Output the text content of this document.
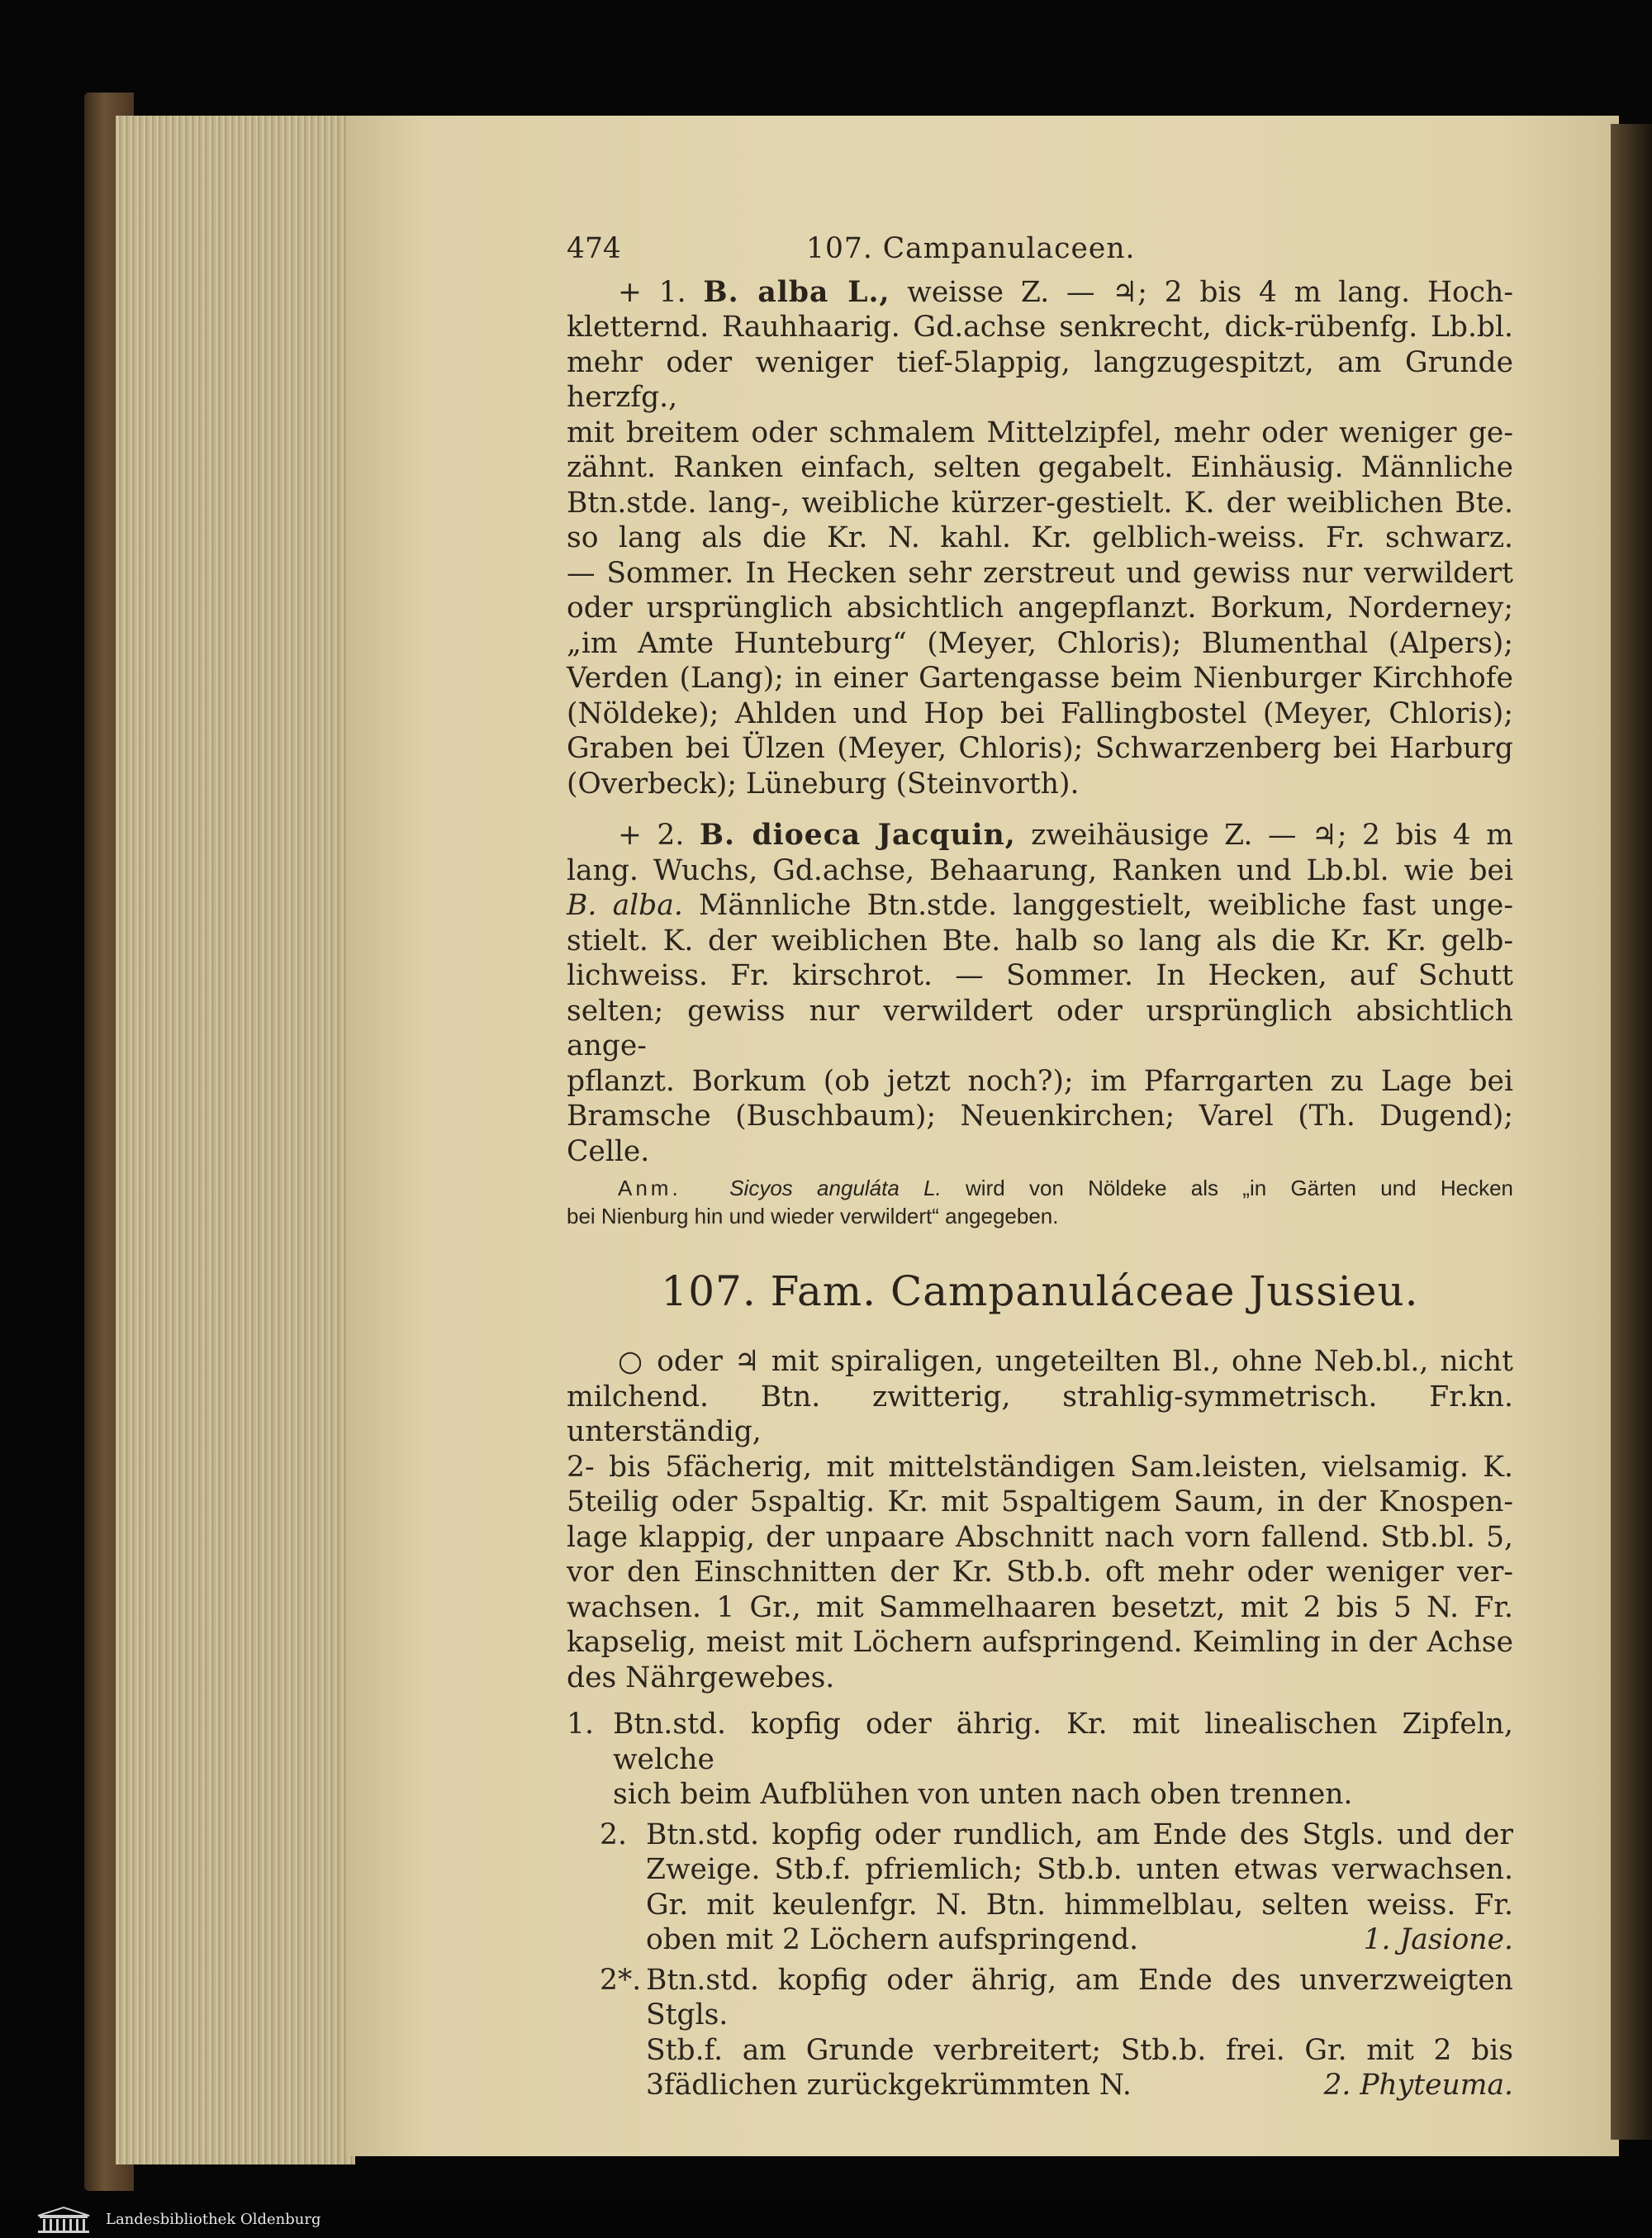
474	107. Campanulaceen.
+ 1. B. alba L., weisse Z. — ♃; 2 bis 4 m lang. Hoch-
kletternd. Rauhhaarig. Gd.achse senkrecht, dick-rübenfg. Lb.bl.
mehr oder weniger tief-5lappig, langzugespitzt, am Grunde herzfg.,
mit breitem oder schmalem Mittelzipfel, mehr oder weniger ge-
zähnt. Ranken einfach, selten gegabelt. Einhäusig. Männliche
Btn.stde. lang-, weibliche kürzer-gestielt. K. der weiblichen Bte.
so lang als die Kr. N. kahl. Kr. gelblich-weiss. Fr. schwarz.
— Sommer. In Hecken sehr zerstreut und gewiss nur verwildert
oder ursprünglich absichtlich angepflanzt. Borkum, Norderney;
„im Amte Hunteburg“ (Meyer, Chloris); Blumenthal (Alpers);
Verden (Lang); in einer Gartengasse beim Nienburger Kirchhofe
(Nöldeke); Ahlden und Hop bei Fallingbostel (Meyer, Chloris);
Graben bei Ülzen (Meyer, Chloris); Schwarzenberg bei Harburg
(Overbeck); Lüneburg (Steinvorth).
+ 2. B. dioeca Jacquin, zweihäusige Z. — ♃; 2 bis 4 m
lang. Wuchs, Gd.achse, Behaarung, Ranken und Lb.bl. wie bei
B. alba. Männliche Btn.stde. langgestielt, weibliche fast unge-
stielt. K. der weiblichen Bte. halb so lang als die Kr. Kr. gelb-
lichweiss. Fr. kirschrot. — Sommer. In Hecken, auf Schutt
selten; gewiss nur verwildert oder ursprünglich absichtlich ange-
pflanzt. Borkum (ob jetzt noch?); im Pfarrgarten zu Lage bei
Bramsche (Buschbaum); Neuenkirchen; Varel (Th. Dugend); Celle.
Anm. Sicyos anguláta L. wird von Nöldeke als „in Gärten und Hecken
bei Nienburg hin und wieder verwildert“ angegeben.
107. Fam. Campanuláceae Jussieu.
○ oder ♃ mit spiraligen, ungeteilten Bl., ohne Neb.bl., nicht
milchend. Btn. zwitterig, strahlig-symmetrisch. Fr.kn. unterständig,
2- bis 5fächerig, mit mittelständigen Sam.leisten, vielsamig. K.
5teilig oder 5spaltig. Kr. mit 5spaltigem Saum, in der Knospen-
lage klappig, der unpaare Abschnitt nach vorn fallend. Stb.bl. 5,
vor den Einschnitten der Kr. Stb.b. oft mehr oder weniger ver-
wachsen. 1 Gr., mit Sammelhaaren besetzt, mit 2 bis 5 N. Fr.
kapselig, meist mit Löchern aufspringend. Keimling in der Achse
des Nährgewebes.
1. Btn.std. kopfig oder ährig. Kr. mit linealischen Zipfeln, welche
sich beim Aufblühen von unten nach oben trennen.
2. Btn.std. kopfig oder rundlich, am Ende des Stgls. und der
Zweige. Stb.f. pfriemlich; Stb.b. unten etwas verwachsen.
Gr. mit keulenfgr. N. Btn. himmelblau, selten weiss. Fr.
oben mit 2 Löchern aufspringend.	1. Jasione.
2*. Btn.std. kopfig oder ährig, am Ende des unverzweigten Stgls.
Stb.f. am Grunde verbreitert; Stb.b. frei. Gr. mit 2 bis
3fädlichen zurückgekrümmten N.	2. Phyteuma.
Landesbibliothek Oldenburg
